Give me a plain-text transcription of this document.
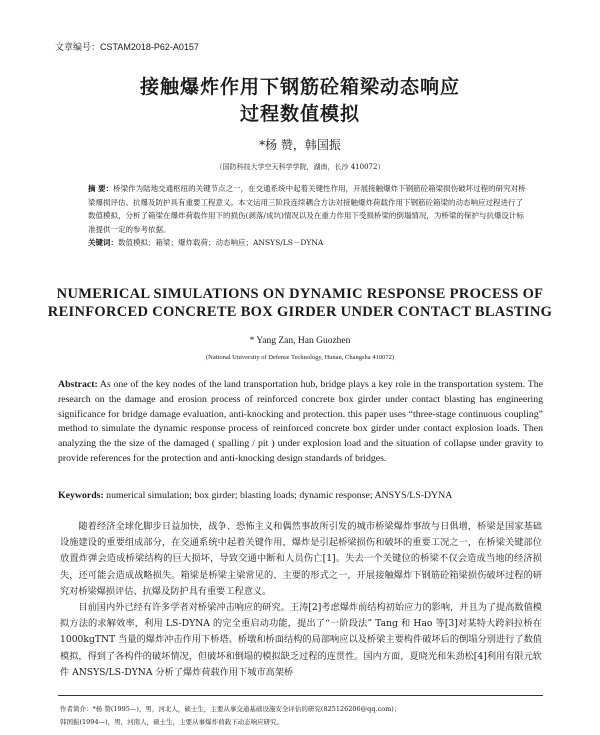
文章编号：CSTAM2018-P62-A0157
接触爆炸作用下钢筋砼箱梁动态响应
过程数值模拟
*杨 赞，韩国振
（国防科技大学空天科学学院，湖南，长沙 410072）
摘 要：桥梁作为陆地交通枢纽的关键节点之一，在交通系统中起着关键性作用，开展接触爆炸下钢筋砼箱梁损伤破坏过程的研究对桥梁爆损评估、抗爆及防护具有重要工程意义。本文运用三阶段连续耦合方法对接触爆炸荷载作用下钢筋砼箱梁的动态响应过程进行了数值模拟，分析了箱梁在爆炸荷载作用下的损伤(剥落/成坑)情况以及在重力作用下受损桥梁的倒塌情况，为桥梁的保护与抗爆设计标准提供一定的参考依据。
关键词：数值模拟；箱梁；爆炸载荷；动态响应；ANSYS/LS－DYNA
NUMERICAL SIMULATIONS ON DYNAMIC RESPONSE PROCESS OF
REINFORCED CONCRETE BOX GIRDER UNDER CONTACT BLASTING
* Yang Zan, Han Guozhen
(National University of Defense Technology, Hunan, Changsha 410072)
Abstract: As one of the key nodes of the land transportation hub, bridge plays a key role in the transportation system. The research on the damage and erosion process of reinforced concrete box girder under contact blasting has engineering significance for bridge damage evaluation, anti-knocking and protection. this paper uses “three-stage continuous coupling” method to simulate the dynamic response process of reinforced concrete box girder under contact explosion loads. Then analyzing the the size of the damaged ( spalling / pit ) under explosion load and the situation of collapse under gravity to provide references for the protection and anti-knocking design standards of bridges.
Keywords: numerical simulation; box girder; blasting loads; dynamic response; ANSYS/LS-DYNA

随着经济全球化脚步日益加快，战争、恐怖主义和偶然事故所引发的城市桥梁爆炸事故与日俱增，桥梁是国家基础设施建设的重要组成部分，在交通系统中起着关键作用，爆炸是引起桥梁损伤和破坏的重要工况之一，在桥梁关键部位放置炸弹会造成桥梁结构的巨大损坏，导致交通中断和人员伤亡[1]。失去一个关键位的桥梁不仅会造成当地的经济损失，还可能会造成战略损失。箱梁是桥梁主梁常见的、主要的形式之一，开展接触爆炸下钢筋砼箱梁损伤破坏过程的研究对桥梁爆损评估、抗爆及防护具有重要工程意义。

目前国内外已经有许多学者对桥梁冲击响应的研究。王涛[2]考虑爆炸前结构初始应力的影响，并且为了提高数值模拟方法的求解效率，利用 LS-DYNA 的完全重启动功能，提出了“一阶段法” Tang 和 Hao 等[3]对某特大跨斜拉桥在 1000kgTNT 当量的爆炸冲击作用下桥塔、桥墩和桥面结构的局部响应以及桥梁主要构件破坏后的倒塌分别进行了数值模拟，得到了各构件的破坏情况，但破坏和倒塌的模拟缺乏过程的连贯性。国内方面，夏晓光和朱劲松[4]利用有限元软件 ANSYS/LS-DYNA 分析了爆炸荷载作用下城市高架桥

作者简介：*杨 赞(1995—)，男，河北人，硕士生，主要从事交通基础设施安全评估的研究(825126206@qq.com)；
韩国振(1994—)，男，河南人，硕士生，主要从事爆炸荷载下动态响应研究。
